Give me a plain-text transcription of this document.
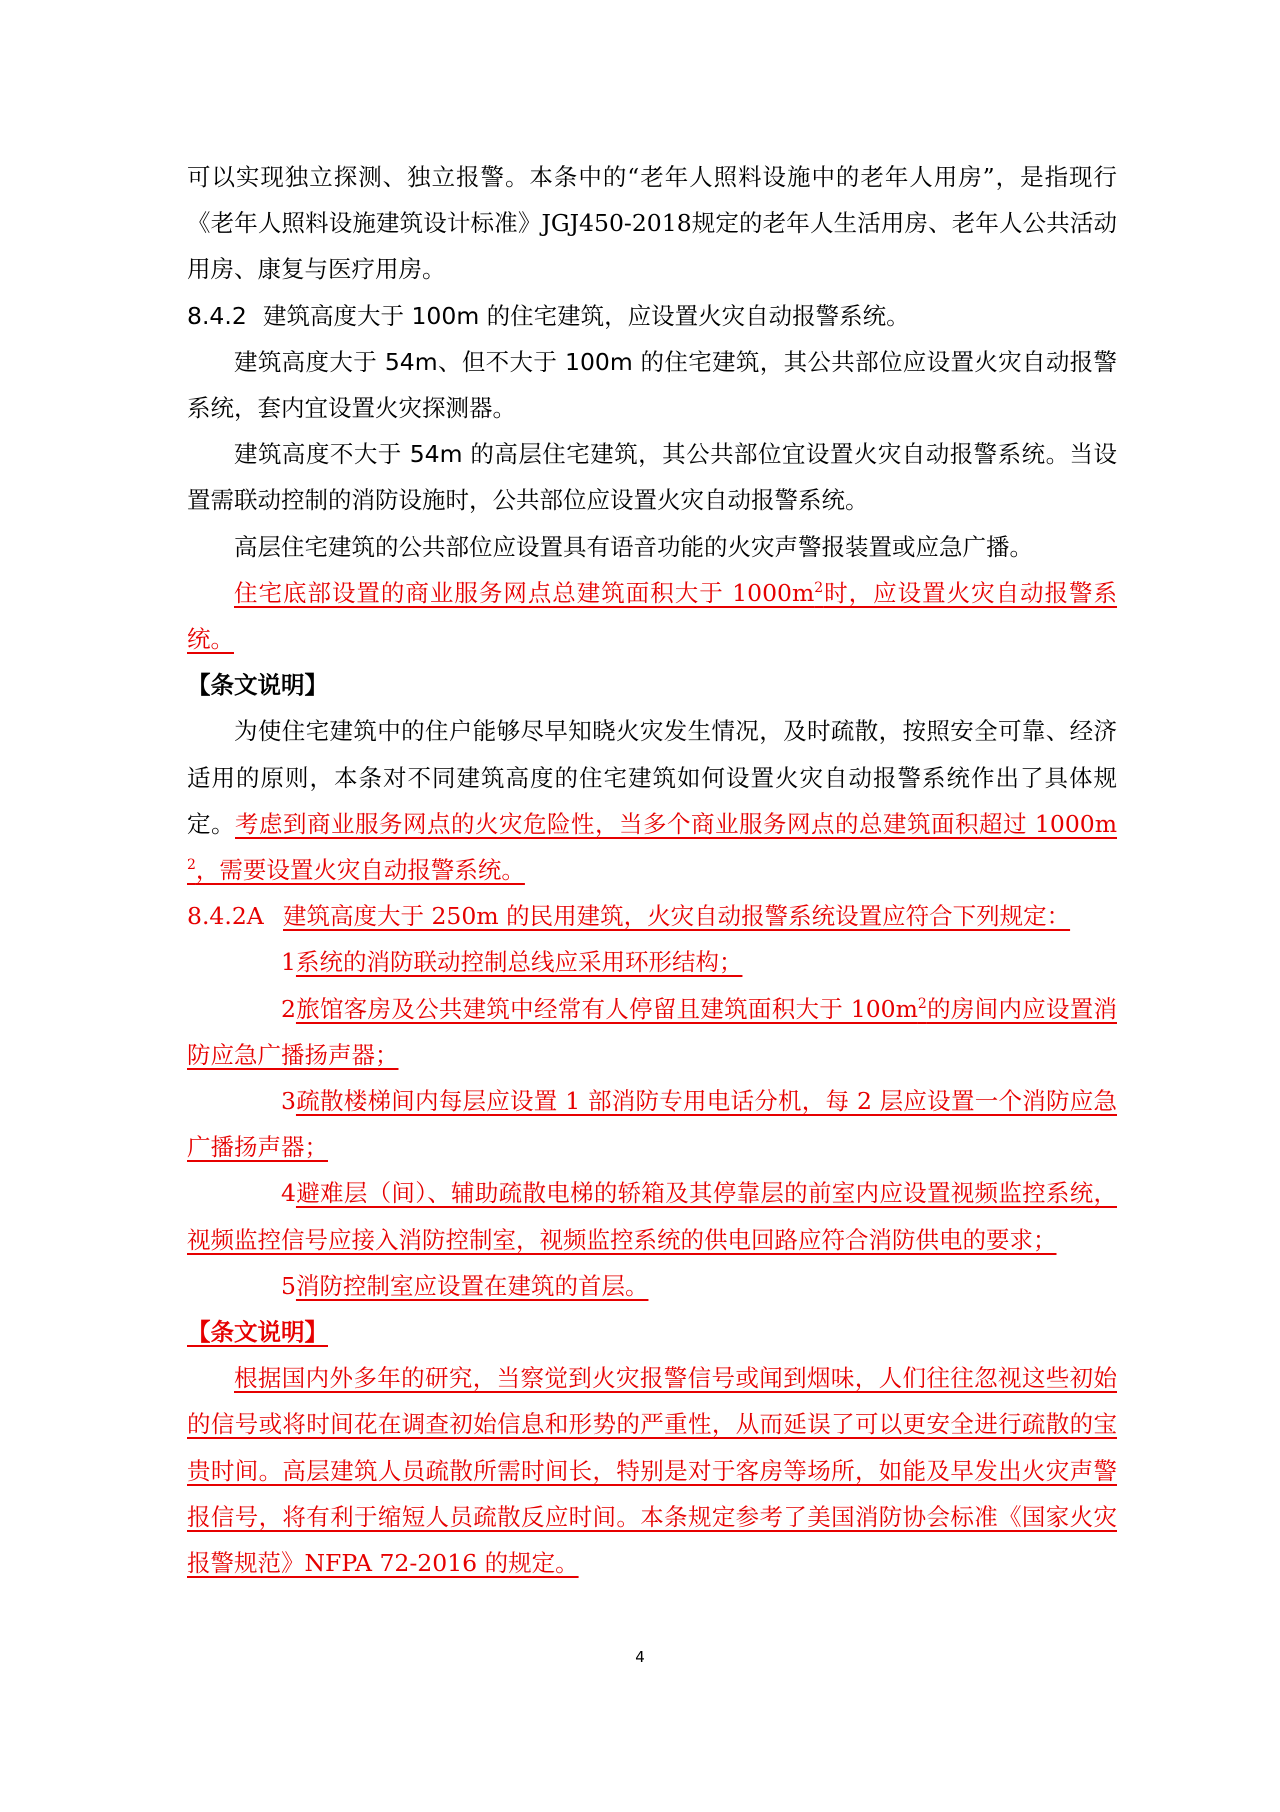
可以实现独立探测、独立报警。本条中的“老年人照料设施中的老年人用房”，是指现行《老年人照料设施建筑设计标准》JGJ450-2018规定的老年人生活用房、老年人公共活动用房、康复与医疗用房。

8.4.2 建筑高度大于 100m 的住宅建筑，应设置火灾自动报警系统。

建筑高度大于 54m、但不大于 100m 的住宅建筑，其公共部位应设置火灾自动报警系统，套内宜设置火灾探测器。

建筑高度不大于 54m 的高层住宅建筑，其公共部位宜设置火灾自动报警系统。当设置需联动控制的消防设施时，公共部位应设置火灾自动报警系统。

高层住宅建筑的公共部位应设置具有语音功能的火灾声警报装置或应急广播。

住宅底部设置的商业服务网点总建筑面积大于 $1000m^2$时，应设置火灾自动报警系统。

【条文说明】

为使住宅建筑中的住户能够尽早知晓火灾发生情况，及时疏散，按照安全可靠、经济适用的原则，本条对不同建筑高度的住宅建筑如何设置火灾自动报警系统作出了具体规定。考虑到商业服务网点的火灾危险性，当多个商业服务网点的总建筑面积超过 $1000m^2$，需要设置火灾自动报警系统。

8.4.2A 建筑高度大于 250m 的民用建筑，火灾自动报警系统设置应符合下列规定：

1系统的消防联动控制总线应采用环形结构；

2旅馆客房及公共建筑中经常有人停留且建筑面积大于 $100m^2$的房间内应设置消防应急广播扬声器；

3疏散楼梯间内每层应设置 1 部消防专用电话分机，每 2 层应设置一个消防应急广播扬声器；

4避难层（间）、辅助疏散电梯的轿箱及其停靠层的前室内应设置视频监控系统，视频监控信号应接入消防控制室，视频监控系统的供电回路应符合消防供电的要求；

5消防控制室应设置在建筑的首层。

【条文说明】

根据国内外多年的研究，当察觉到火灾报警信号或闻到烟味，人们往往忽视这些初始的信号或将时间花在调查初始信息和形势的严重性，从而延误了可以更安全进行疏散的宝贵时间。高层建筑人员疏散所需时间长，特别是对于客房等场所，如能及早发出火灾声警报信号，将有利于缩短人员疏散反应时间。本条规定参考了美国消防协会标准《国家火灾报警规范》NFPA 72-2016 的规定。

4
